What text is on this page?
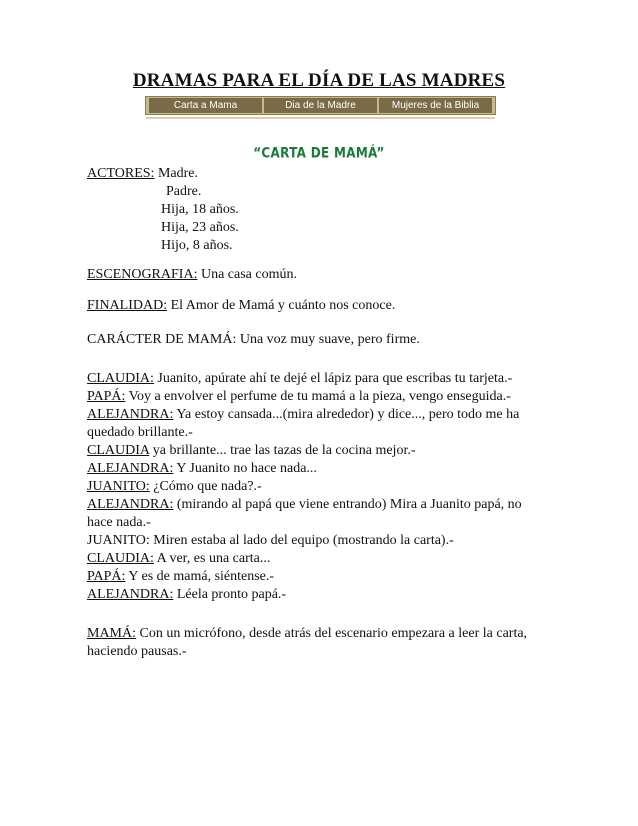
DRAMAS PARA EL DÍA DE LAS MADRES
Carta a Mama	Dia de la Madre	Mujeres de la Biblia
“CARTA DE MAMÁ”
ACTORES: Madre.
Padre.
Hija, 18 años.
Hija, 23 años.
Hijo, 8 años.
ESCENOGRAFIA: Una casa común.
FINALIDAD: El Amor de Mamá y cuánto nos conoce.
CARÁCTER DE MAMÁ: Una voz muy suave, pero firme.
CLAUDIA: Juanito, apúrate ahí te dejé el lápiz para que escribas tu tarjeta.-
PAPÁ: Voy a envolver el perfume de tu mamá a la pieza, vengo enseguida.-
ALEJANDRA: Ya estoy cansada...(mira alrededor) y dice..., pero todo me ha
quedado brillante.-
CLAUDIA ya brillante... trae las tazas de la cocina mejor.-
ALEJANDRA: Y Juanito no hace nada...
JUANITO: ¿Cómo que nada?.-
ALEJANDRA: (mirando al papá que viene entrando) Mira a Juanito papá, no
hace nada.-
JUANITO: Miren estaba al lado del equipo (mostrando la carta).-
CLAUDIA: A ver, es una carta...
PAPÁ: Y es de mamá, siéntense.-
ALEJANDRA: Léela pronto papá.-
MAMÁ: Con un micrófono, desde atrás del escenario empezara a leer la carta,
haciendo pausas.-
